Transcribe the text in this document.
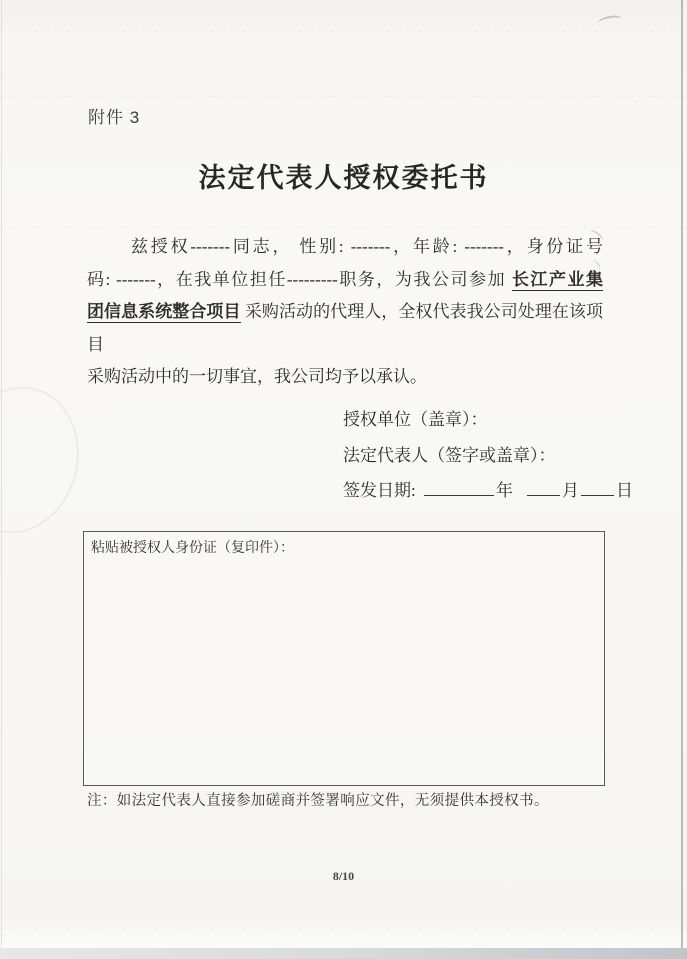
附件 3
法定代表人授权委托书
兹授权-------同志， 性别: -------，年龄: -------，身份证号
码: -------，在我单位担任---------职务，为我公司参加 长江产业集
团信息系统整合项目 采购活动的代理人，全权代表我公司处理在该项目
采购活动中的一切事宜，我公司均予以承认。
授权单位（盖章）：
法定代表人（签字或盖章）：
签发日期:	年	月 日
粘贴被授权人身份证（复印件）：
注：如法定代表人直接参加磋商并签署响应文件，无须提供本授权书。
8/10
